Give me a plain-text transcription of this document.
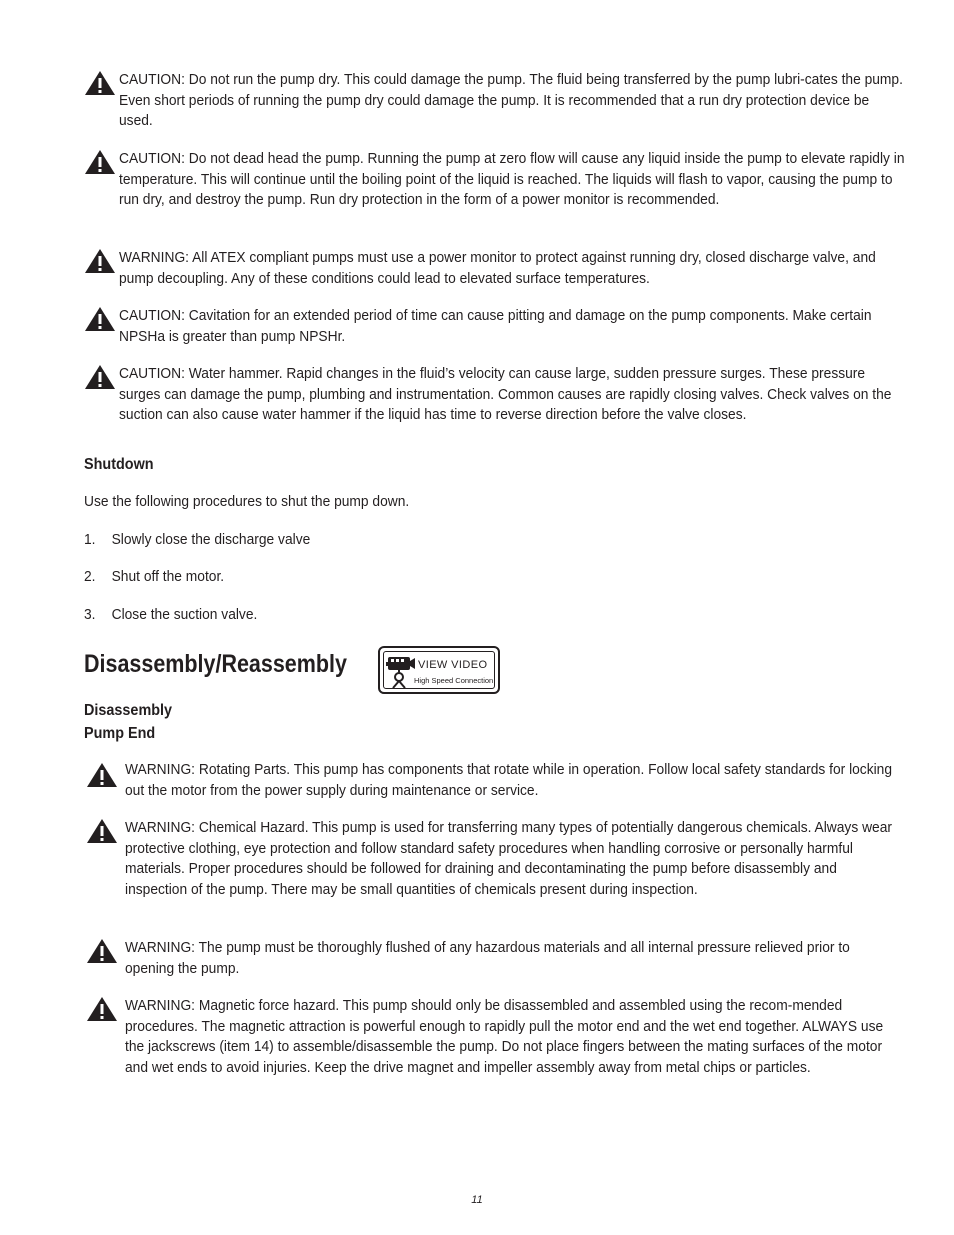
CAUTION: Do not run the pump dry. This could damage the pump. The fluid being transferred by the pump lubri-cates the pump. Even short periods of running the pump dry could damage the pump. It is recommended that a run dry protection device be used.
CAUTION: Do not dead head the pump. Running the pump at zero flow will cause any liquid inside the pump to elevate rapidly in temperature. This will continue until the boiling point of the liquid is reached. The liquids will flash to vapor, causing the pump to run dry, and destroy the pump. Run dry protection in the form of a power monitor is recommended.
WARNING: All ATEX compliant pumps must use a power monitor to protect against running dry, closed discharge valve, and pump decoupling. Any of these conditions could lead to elevated surface temperatures.
CAUTION: Cavitation for an extended period of time can cause pitting and damage on the pump components. Make certain NPSHa is greater than pump NPSHr.
CAUTION: Water hammer. Rapid changes in the fluid’s velocity can cause large, sudden pressure surges. These pressure surges can damage the pump, plumbing and instrumentation. Common causes are rapidly closing valves. Check valves on the suction can also cause water hammer if the liquid has time to reverse direction before the valve closes.
Shutdown
Use the following procedures to shut the pump down.
1. Slowly close the discharge valve
2. Shut off the motor.
3. Close the suction valve.
Disassembly/Reassembly	VIEW VIDEO
High Speed Connection
Disassembly
Pump End
WARNING: Rotating Parts. This pump has components that rotate while in operation. Follow local safety standards for locking out the motor from the power supply during maintenance or service.
WARNING: Chemical Hazard. This pump is used for transferring many types of potentially dangerous chemicals. Always wear protective clothing, eye protection and follow standard safety procedures when handling corrosive or personally harmful materials. Proper procedures should be followed for draining and decontaminating the pump before disassembly and inspection of the pump. There may be small quantities of chemicals present during inspection.
WARNING: The pump must be thoroughly flushed of any hazardous materials and all internal pressure relieved prior to opening the pump.
WARNING: Magnetic force hazard. This pump should only be disassembled and assembled using the recom-mended procedures. The magnetic attraction is powerful enough to rapidly pull the motor end and the wet end together. ALWAYS use the jackscrews (item 14) to assemble/disassemble the pump. Do not place fingers between the mating surfaces of the motor and wet ends to avoid injuries. Keep the drive magnet and impeller assembly away from metal chips or particles.
11
